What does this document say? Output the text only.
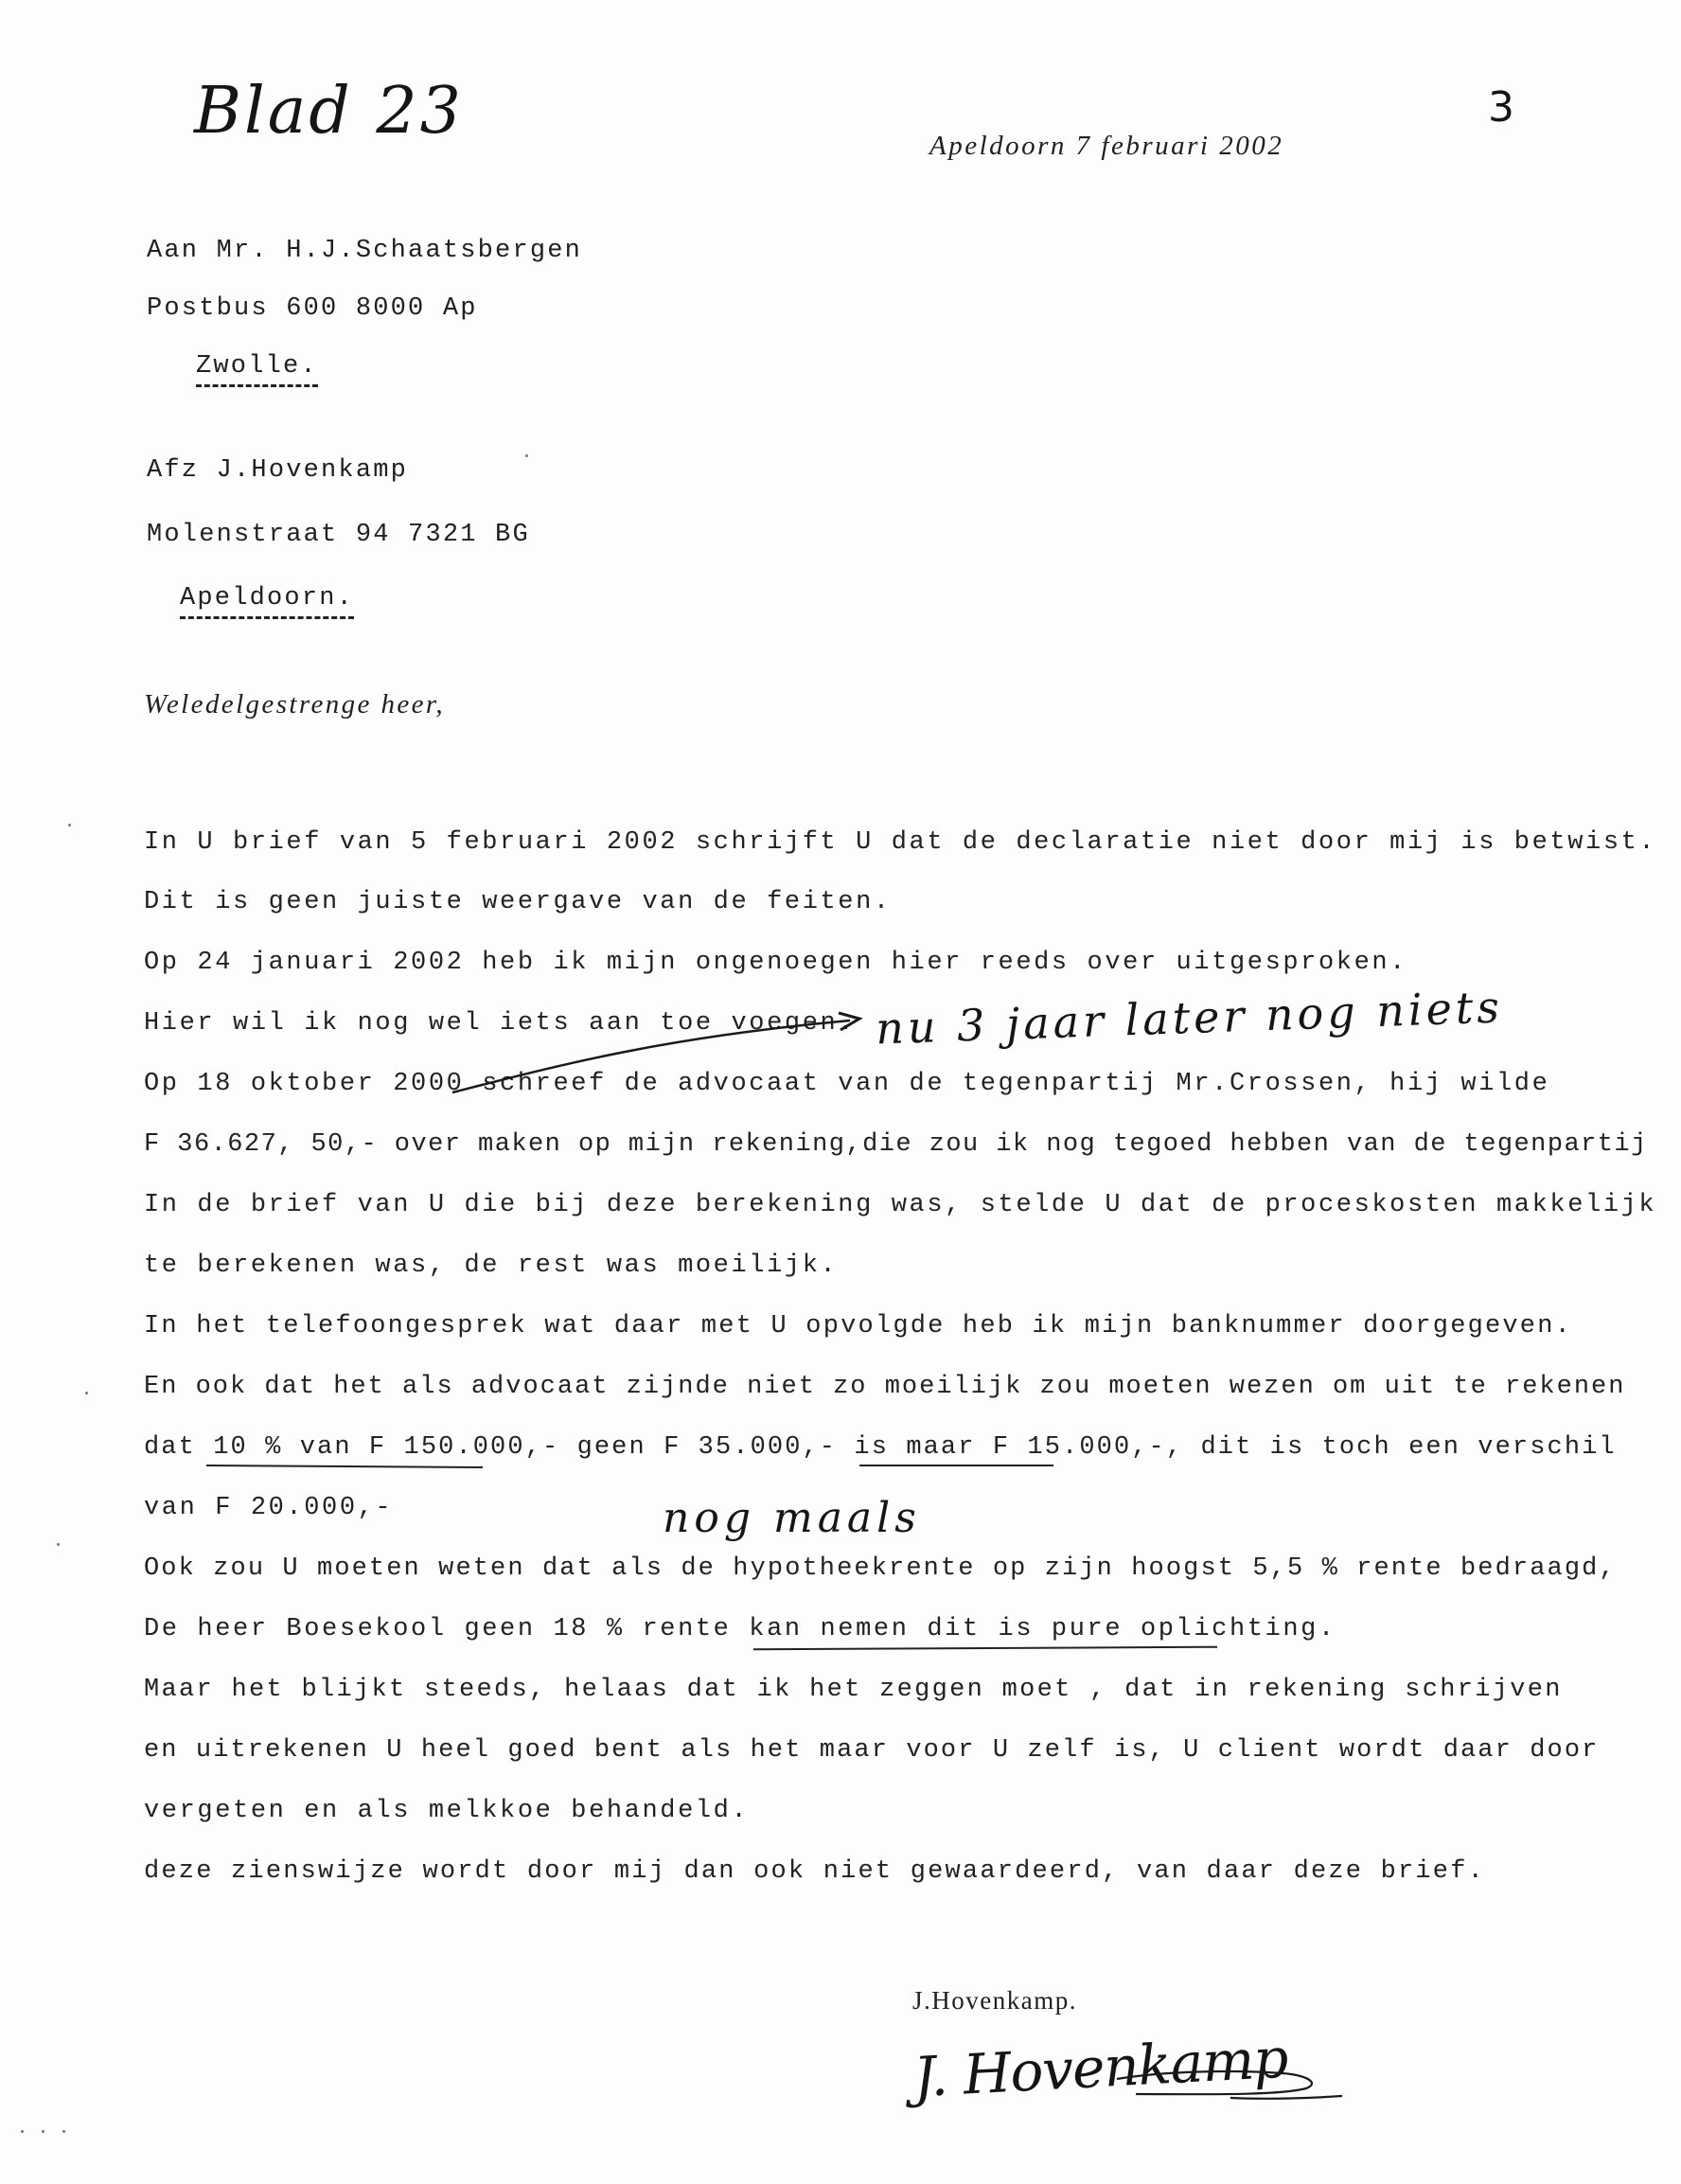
Blad 23	3
Apeldoorn 7 februari 2002
Aan Mr. H.J.Schaatsbergen
Postbus 600 8000 Ap
Zwolle.
Afz J.Hovenkamp
Molenstraat 94 7321 BG
Apeldoorn.
Weledelgestrenge heer,
In U brief van 5 februari 2002 schrijft U dat de declaratie niet door mij is betwist.
Dit is geen juiste weergave van de feiten.
Op 24 januari 2002 heb ik mijn ongenoegen hier reeds over uitgesproken.
Hier wil ik nog wel iets aan toe voegen.
Op 18 oktober 2000 schreef de advocaat van de tegenpartij Mr.Crossen, hij wilde
F 36.627, 50,- over maken op mijn rekening,die zou ik nog tegoed hebben van de tegenpartij
In de brief van U die bij deze berekening was, stelde U dat de proceskosten makkelijk
te berekenen was, de rest was moeilijk.
In het telefoongesprek wat daar met U opvolgde heb ik mijn banknummer doorgegeven.
En ook dat het als advocaat zijnde niet zo moeilijk zou moeten wezen om uit te rekenen
dat 10 % van F 150.000,- geen F 35.000,- is maar F 15.000,-, dit is toch een verschil
van F 20.000,-
Ook zou U moeten weten dat als de hypotheekrente op zijn hoogst 5,5 % rente bedraagd,
De heer Boesekool geen 18 % rente kan nemen dit is pure oplichting.
Maar het blijkt steeds, helaas dat ik het zeggen moet , dat in rekening schrijven
en uitrekenen U heel goed bent als het maar voor U zelf is, U client wordt daar door
vergeten en als melkkoe behandeld.
deze zienswijze wordt door mij dan ook niet gewaardeerd, van daar deze brief.
nu 3 jaar later nog niets
nog maals
J.Hovenkamp.
J. Hovenkamp
